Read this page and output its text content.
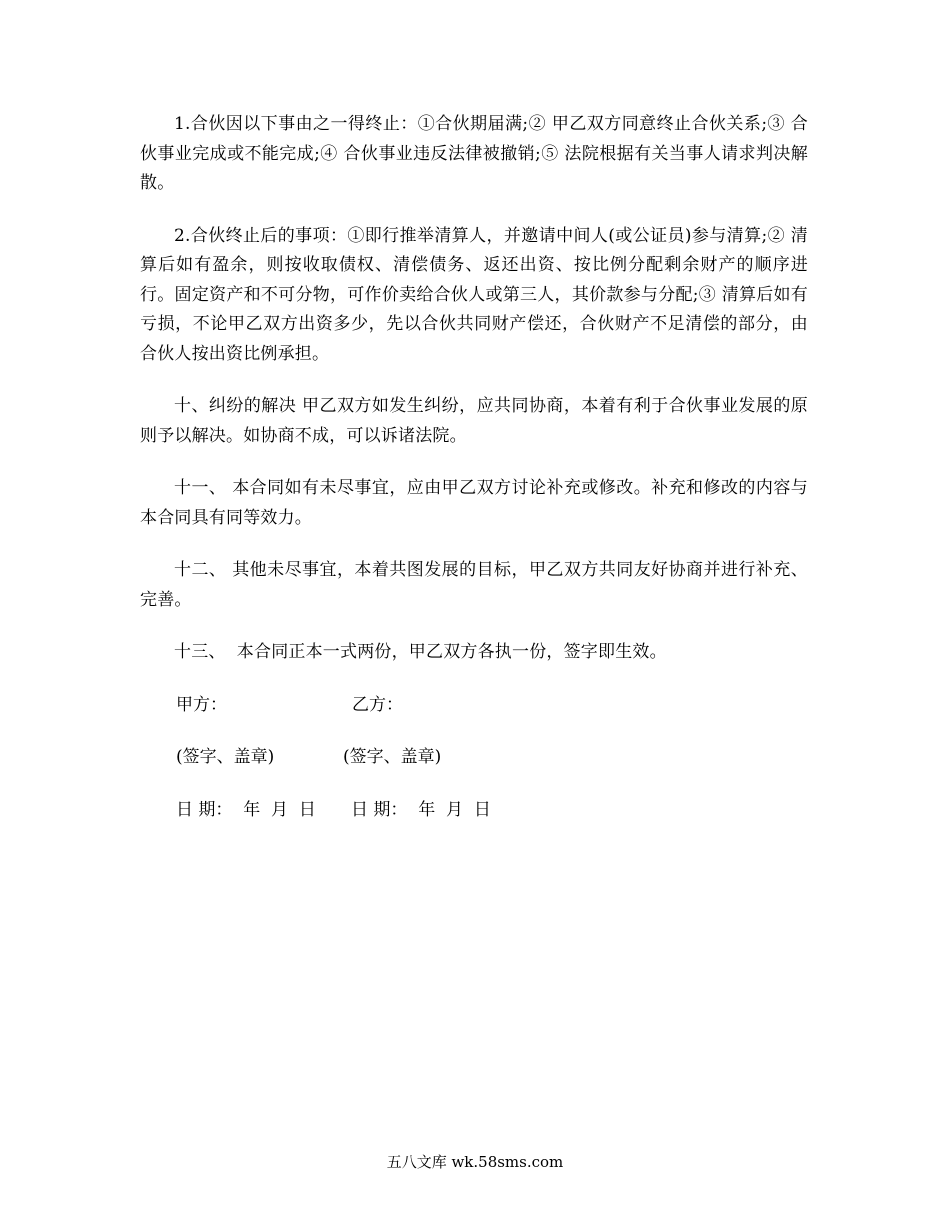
1.合伙因以下事由之一得终止：①合伙期届满;② 甲乙双方同意终止合伙关系;③ 合伙事业完成或不能完成;④ 合伙事业违反法律被撤销;⑤ 法院根据有关当事人请求判决解散。

2.合伙终止后的事项：①即行推举清算人，并邀请中间人(或公证员)参与清算;② 清算后如有盈余，则按收取债权、清偿债务、返还出资、按比例分配剩余财产的顺序进行。固定资产和不可分物，可作价卖给合伙人或第三人，其价款参与分配;③ 清算后如有亏损，不论甲乙双方出资多少，先以合伙共同财产偿还，合伙财产不足清偿的部分，由合伙人按出资比例承担。

十、纠纷的解决 甲乙双方如发生纠纷，应共同协商，本着有利于合伙事业发展的原则予以解决。如协商不成，可以诉诸法院。

十一、 本合同如有未尽事宜，应由甲乙双方讨论补充或修改。补充和修改的内容与本合同具有同等效力。

十二、 其他未尽事宜，本着共图发展的目标，甲乙双方共同友好协商并进行补充、完善。

十三、  本合同正本一式两份，甲乙双方各执一份，签字即生效。

甲方：

	乙方：

(签字、盖章)

	(签字、盖章)

日 期：  年  月  日

日 期：  年  月  日

五八文库 wk.58sms.com
